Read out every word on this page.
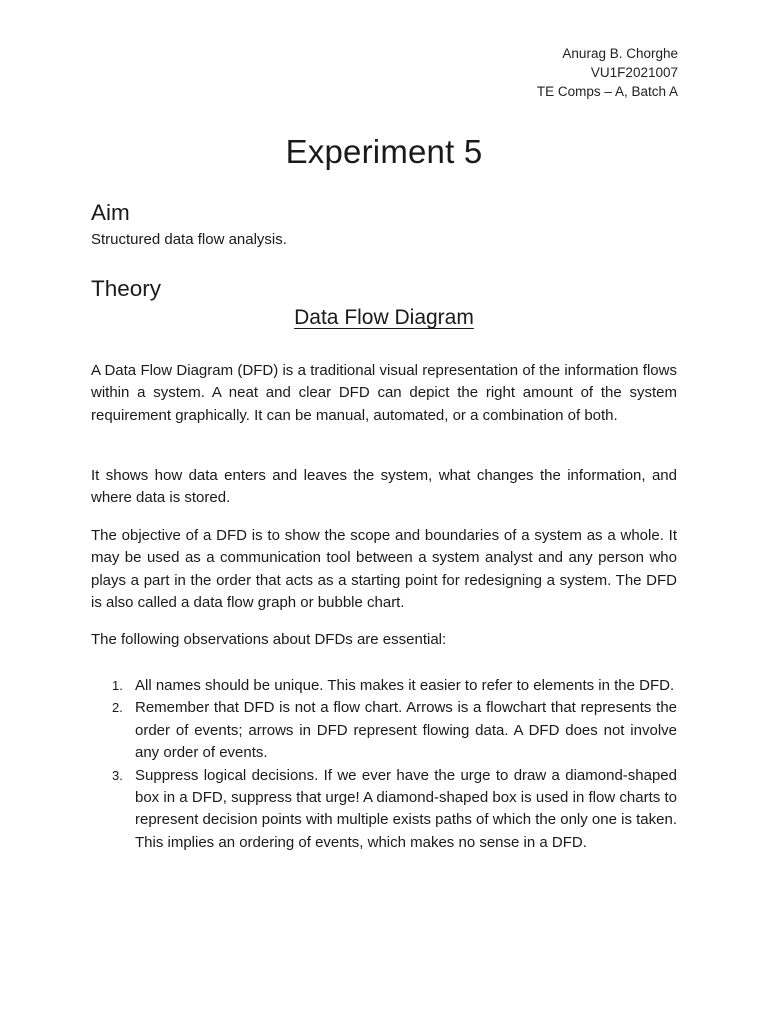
Anurag B. Chorghe
VU1F2021007
TE Comps – A, Batch A
Experiment 5
Aim

Structured data flow analysis.

Theory
Data Flow Diagram

A Data Flow Diagram (DFD) is a traditional visual representation of the information flows within a system. A neat and clear DFD can depict the right amount of the system requirement graphically. It can be manual, automated, or a combination of both.

It shows how data enters and leaves the system, what changes the information, and where data is stored.

The objective of a DFD is to show the scope and boundaries of a system as a whole. It may be used as a communication tool between a system analyst and any person who plays a part in the order that acts as a starting point for redesigning a system. The DFD is also called a data flow graph or bubble chart.

The following observations about DFDs are essential:

1. All names should be unique. This makes it easier to refer to elements in the DFD.
2. Remember that DFD is not a flow chart. Arrows is a flowchart that represents the order of events; arrows in DFD represent flowing data. A DFD does not involve any order of events.
3. Suppress logical decisions. If we ever have the urge to draw a diamond-shaped box in a DFD, suppress that urge! A diamond-shaped box is used in flow charts to represent decision points with multiple exists paths of which the only one is taken. This implies an ordering of events, which makes no sense in a DFD.
